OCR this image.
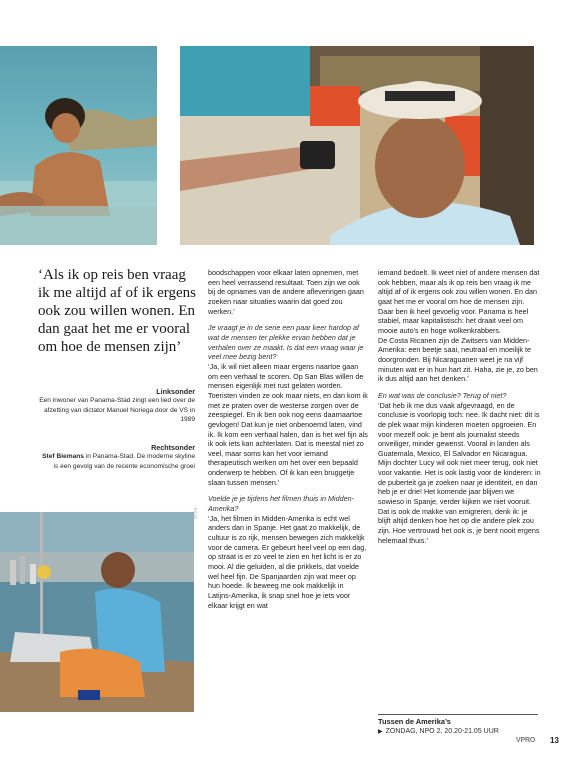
FOTO
‘Als ik op reis ben vraag ik me altijd af of ik ergens ook zou willen wonen. En dan gaat het me er vooral om hoe de mensen zijn’
Linksonder
Een inwoner van Panama-Stad zingt een lied over de afzetting van dictator Manuel Noriega door de VS in 1989
Rechtsonder
Stef Biemans in Panama-Stad. De moderne skyline is een gevolg van de recente economische groei

boodschappen voor elkaar laten opnemen, met een heel verrassend resultaat. Toen zijn we ook bij de opnames van de andere afleveringen gaan zoeken naar situaties waarin dat goed zou werken.’

Je vraagt je in de serie een paar keer hardop af wat de mensen ter plekke ervan hebben dat je verhalen over ze maakt. Is dat een vraag waar je veel mee bezig bent?

‘Ja, ik wil niet alleen maar ergens naartoe gaan om een verhaal te scoren. Op San Blas willen de mensen eigenlijk met rust gelaten worden. Toeristen vinden ze ook maar niets, en dan kom ik met ze praten over de westerse zorgen over de zeespiegel. En ik ben ook nog eens daarnaartoe gevlogen! Dat kun je niet onbenoemd laten, vind ik. Ik kom een verhaal halen, dan is het wel fijn als ik ook iets kan achterlaten. Dat is meestal niet zo veel, maar soms kan het voor iemand therapeutisch werken om het over een bepaald onderwerp te hebben. Of ik kan een bruggetje slaan tussen mensen.’

Voelde je je tijdens het filmen thuis in Midden-Amerika?

‘Ja, het filmen in Midden-Amerika is echt wel anders dan in Spanje. Het gaat zo makkelijk, de cultuur is zo rijk, mensen bewegen zich makkelijk voor de camera. Er gebeurt heel veel op een dag, op straat is er zo veel te zien en het licht is er zo mooi. Al die geluiden, al die prikkels, dat voelde wel heel fijn. De Spanjaarden zijn wat meer op hun hoede. Ik beweeg me ook makkelijk in Latijns-Amerika, ik snap snel hoe je iets voor elkaar krijgt en wat

iemand bedoelt. Ik weet niet of andere mensen dat ook hebben, maar als ik op reis ben vraag ik me altijd af of ik ergens ook zou willen wonen. En dan gaat het me er vooral om hoe de mensen zijn. Daar ben ik heel gevoelig voor. Panama is heel stabiel, maar kapitalistisch: het draait veel om mooie auto’s en hoge wolkenkrabbers.

De Costa Ricanen zijn de Zwitsers van Midden-Amerika: een beetje saai, neutraal en moeilijk te doorgronden. Bij Nicaraguanen weet je na vijf minuten wat er in hun hart zit. Haha, zie je, zo ben ik dus altijd aan het denken.’

En wat was de conclusie? Terug of niet?

‘Dat heb ik me dus vaak afgevraagd, en de conclusie is voorlopig toch: nee. Ik dacht niet: dit is de plek waar mijn kinderen moeten opgroeien. En voor mezelf ook: je bent als journalist steeds onveiliger, minder gewenst. Vooral in landen als Guatemala, Mexico, El Salvador en Nicaragua. Mijn dochter Lucy wil ook niet meer terug, ook niet voor vakantie. Het is ook lastig voor de kinderen: in de puberteit ga je zoeken naar je identiteit, en dan heb je er drie! Het komende jaar blijven we sowieso in Spanje, verder kijken we niet vooruit. Dat is ook de makke van emigreren, denk ik: je blijft altijd denken hoe het op die andere plek zou zijn. Hoe vertrouwd het ook is, je bent nooit ergens helemaal thuis.’

Tussen de Amerika’s
▶ ZONDAG, NPO 2, 20.20-21.05 UUR
VPRO 13
